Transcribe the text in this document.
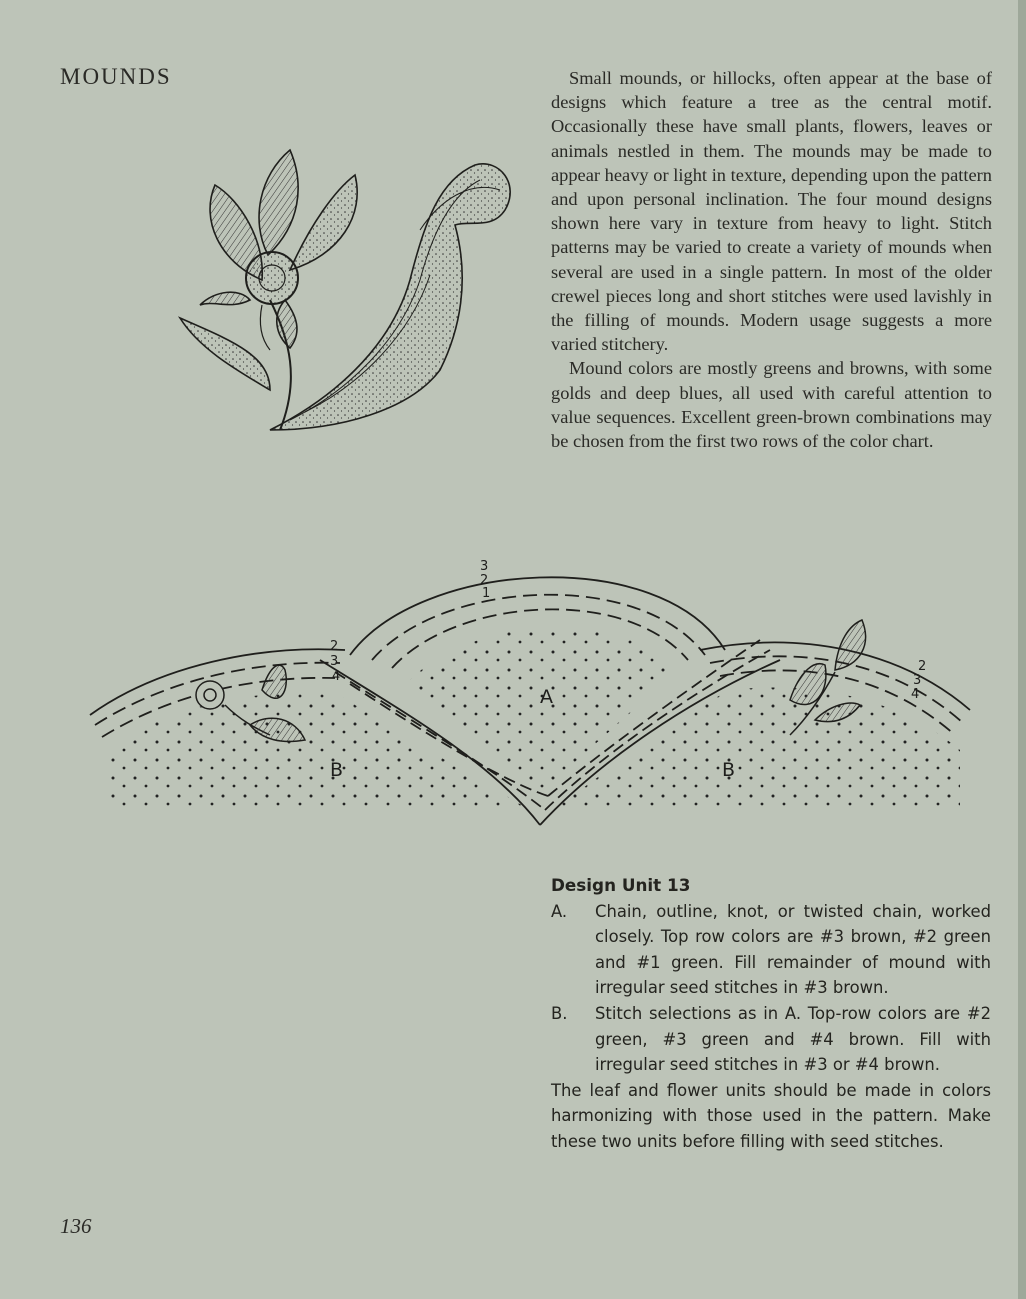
MOUNDS	Small mounds, or hillocks, often appear at the base of designs which feature a tree as the central motif. Occasionally these have small plants, flowers, leaves or animals nestled in them. The mounds may be made to appear heavy or light in texture, depending upon the pattern and upon personal inclination. The four mound designs shown here vary in texture from heavy to light. Stitch patterns may be varied to create a variety of mounds when several are used in a single pattern. In most of the older crewel pieces long and short stitches were used lavishly in the filling of mounds. Modern usage suggests a more varied stitchery.

Mound colors are mostly greens and browns, with some golds and deep blues, all used with careful attention to value sequences. Excellent green-brown combinations may be chosen from the first two rows of the color chart.

A
B	B
2
3
4
3
2
1
2
3
4
Design Unit 13
A.	Chain, outline, knot, or twisted chain, worked closely. Top row colors are #3 brown, #2 green and #1 green. Fill remainder of mound with irregular seed stitches in #3 brown.
B.	Stitch selections as in A. Top-row colors are #2 green, #3 green and #4 brown. Fill with irregular seed stitches in #3 or #4 brown.

The leaf and flower units should be made in colors harmonizing with those used in the pattern. Make these two units before filling with seed stitches.

136
